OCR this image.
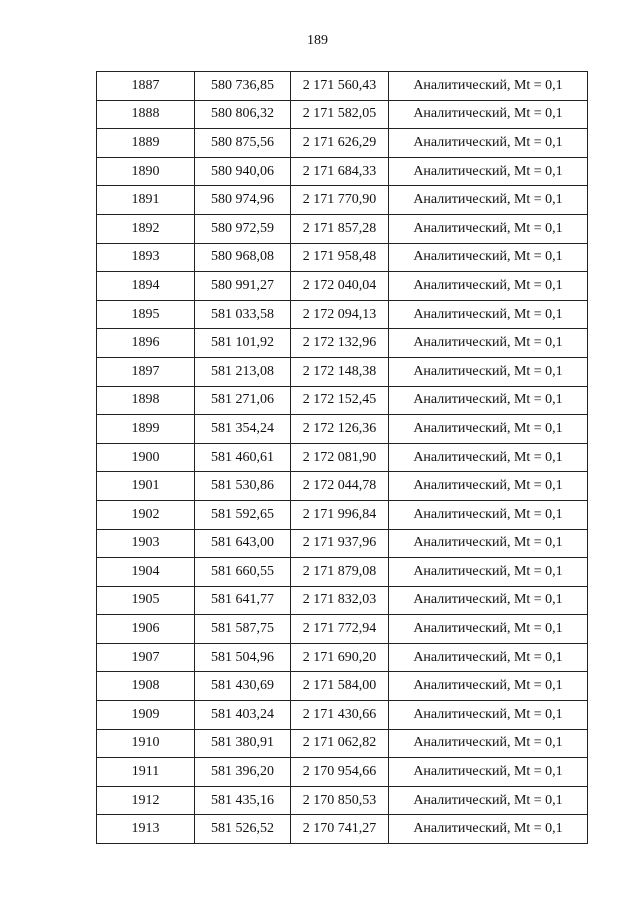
189
1887	580 736,85	2 171 560,43	Аналитический, Mt = 0,1
1888	580 806,32	2 171 582,05	Аналитический, Mt = 0,1
1889	580 875,56	2 171 626,29	Аналитический, Mt = 0,1
1890	580 940,06	2 171 684,33	Аналитический, Mt = 0,1
1891	580 974,96	2 171 770,90	Аналитический, Mt = 0,1
1892	580 972,59	2 171 857,28	Аналитический, Mt = 0,1
1893	580 968,08	2 171 958,48	Аналитический, Mt = 0,1
1894	580 991,27	2 172 040,04	Аналитический, Mt = 0,1
1895	581 033,58	2 172 094,13	Аналитический, Mt = 0,1
1896	581 101,92	2 172 132,96	Аналитический, Mt = 0,1
1897	581 213,08	2 172 148,38	Аналитический, Mt = 0,1
1898	581 271,06	2 172 152,45	Аналитический, Mt = 0,1
1899	581 354,24	2 172 126,36	Аналитический, Mt = 0,1
1900	581 460,61	2 172 081,90	Аналитический, Mt = 0,1
1901	581 530,86	2 172 044,78	Аналитический, Mt = 0,1
1902	581 592,65	2 171 996,84	Аналитический, Mt = 0,1
1903	581 643,00	2 171 937,96	Аналитический, Mt = 0,1
1904	581 660,55	2 171 879,08	Аналитический, Mt = 0,1
1905	581 641,77	2 171 832,03	Аналитический, Mt = 0,1
1906	581 587,75	2 171 772,94	Аналитический, Mt = 0,1
1907	581 504,96	2 171 690,20	Аналитический, Mt = 0,1
1908	581 430,69	2 171 584,00	Аналитический, Mt = 0,1
1909	581 403,24	2 171 430,66	Аналитический, Mt = 0,1
1910	581 380,91	2 171 062,82	Аналитический, Mt = 0,1
1911	581 396,20	2 170 954,66	Аналитический, Mt = 0,1
1912	581 435,16	2 170 850,53	Аналитический, Mt = 0,1
1913	581 526,52	2 170 741,27	Аналитический, Mt = 0,1
